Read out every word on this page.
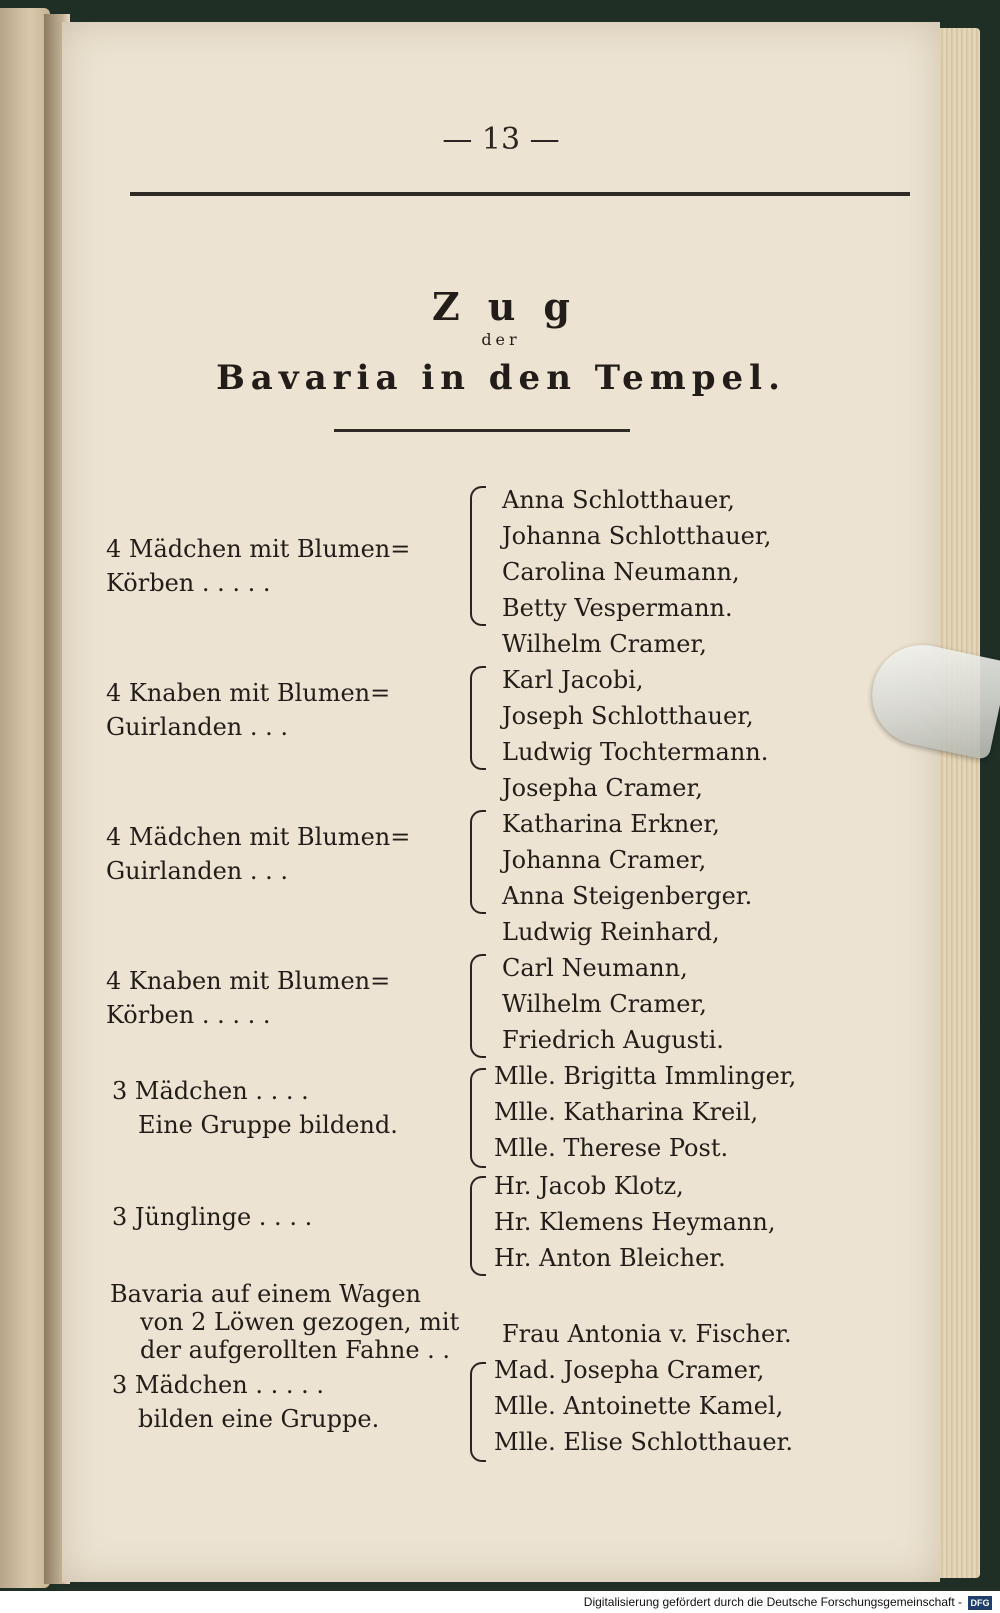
— 13 —
Zug
der
Bavaria in den Tempel.
4 Mädchen mit Blumen=
Körben . . . . .
Anna Schlotthauer,
Johanna Schlotthauer,
Carolina Neumann,
Betty Vespermann.
4 Knaben mit Blumen=
Guirlanden . . .
Wilhelm Cramer,
Karl Jacobi,
Joseph Schlotthauer,
Ludwig Tochtermann.
4 Mädchen mit Blumen=
Guirlanden . . .
Josepha Cramer,
Katharina Erkner,
Johanna Cramer,
Anna Steigenberger.
4 Knaben mit Blumen=
Körben . . . . .
Ludwig Reinhard,
Carl Neumann,
Wilhelm Cramer,
Friedrich Augusti.
3 Mädchen . . . .
Eine Gruppe bildend.
Mlle. Brigitta Immlinger,
Mlle. Katharina Kreil,
Mlle. Therese Post.
3 Jünglinge . . . .
Hr. Jacob Klotz,
Hr. Klemens Heymann,
Hr. Anton Bleicher.
Bavaria auf einem Wagen
von 2 Löwen gezogen, mit
der aufgerollten Fahne . .
Frau Antonia v. Fischer.
3 Mädchen . . . . .
bilden eine Gruppe.
Mad. Josepha Cramer,
Mlle. Antoinette Kamel,
Mlle. Elise Schlotthauer.
Digitalisierung gefördert durch die Deutsche Forschungsgemeinschaft - DFG
